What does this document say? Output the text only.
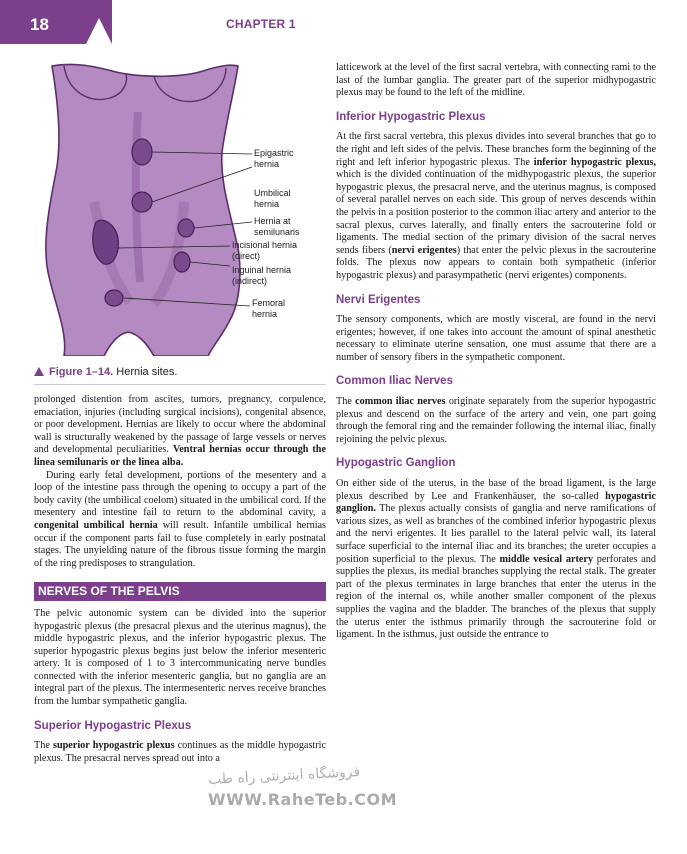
18	CHAPTER 1
Epigastric
hernia
Umbilical
hernia
Hernia at
semilunaris
Incisional hernia
(direct)
Inguinal hernia
(indirect)
Femoral
hernia
Figure 1–14. Hernia sites.

prolonged distention from ascites, tumors, pregnancy, corpulence, emaciation, injuries (including surgical incisions), congenital absence, or poor development. Hernias are likely to occur where the abdominal wall is structurally weakened by the passage of large vessels or nerves and developmental peculiarities. Ventral hernias occur through the linea semilunaris or the linea alba.

During early fetal development, portions of the mesentery and a loop of the intestine pass through the opening to occupy a part of the body cavity (the umbilical coelom) situated in the umbilical cord. If the mesentery and intestine fail to return to the abdominal cavity, a congenital umbilical hernia will result. Infantile umbilical hernias occur if the component parts fail to fuse completely in early postnatal stages. The unyielding nature of the fibrous tissue forming the margin of the ring predisposes to strangulation.

NERVES OF THE PELVIS

The pelvic autonomic system can be divided into the superior hypogastric plexus (the presacral plexus and the uterinus magnus), the middle hypogastric plexus, and the inferior hypogastric plexus. The superior hypogastric plexus begins just below the inferior mesenteric artery. It is composed of 1 to 3 intercommunicating nerve bundles connected with the inferior mesenteric ganglia, but no ganglia are an integral part of the plexus. The intermesenteric nerves receive branches from the lumbar sympathetic ganglia.

Superior Hypogastric Plexus

The superior hypogastric plexus continues as the middle hypogastric plexus. The presacral nerves spread out into a

latticework at the level of the first sacral vertebra, with connecting rami to the last of the lumbar ganglia. The greater part of the superior midhypogastric plexus may be found to the left of the midline.

Inferior Hypogastric Plexus

At the first sacral vertebra, this plexus divides into several branches that go to the right and left sides of the pelvis. These branches form the beginning of the right and left inferior hypogastric plexus. The inferior hypogastric plexus, which is the divided continuation of the midhypogastric plexus, the superior hypogastric plexus, the presacral nerve, and the uterinus magnus, is composed of several parallel nerves on each side. This group of nerves descends within the pelvis in a position posterior to the common iliac artery and anterior to the sacral plexus, curves laterally, and finally enters the sacrouterine fold or ligaments. The medial section of the primary division of the sacral nerves sends fibers (nervi erigentes) that enter the pelvic plexus in the sacrouterine folds. The plexus now appears to contain both sympathetic (inferior hypogastric plexus) and parasympathetic (nervi erigentes) components.

Nervi Erigentes

The sensory components, which are mostly visceral, are found in the nervi erigentes; however, if one takes into account the amount of spinal anesthetic necessary to eliminate uterine sensation, one must assume that there are a number of sensory fibers in the sympathetic component.

Common Iliac Nerves

The common iliac nerves originate separately from the superior hypogastric plexus and descend on the surface of the artery and vein, one part going through the femoral ring and the remainder following the internal iliac, finally rejoining the pelvic plexus.

Hypogastric Ganglion

On either side of the uterus, in the base of the broad ligament, is the large plexus described by Lee and Frankenhäuser, the so-called hypogastric ganglion. The plexus actually consists of ganglia and nerve ramifications of various sizes, as well as branches of the combined inferior hypogastric plexus and the nervi erigentes. It lies parallel to the lateral pelvic wall, its lateral surface superficial to the internal iliac and its branches; the ureter occupies a position superficial to the plexus. The middle vesical artery perforates and supplies the plexus, its medial branches supplying the rectal stalk. The greater part of the plexus terminates in large branches that enter the uterus in the region of the internal os, while another smaller component of the plexus supplies the vagina and the bladder. The branches of the plexus that supply the uterus enter the isthmus primarily through the sacrouterine fold or ligament. In the isthmus, just outside the entrance to

فروشگاه اینترنتی راه طب
WWW.RaheTeb.COM
